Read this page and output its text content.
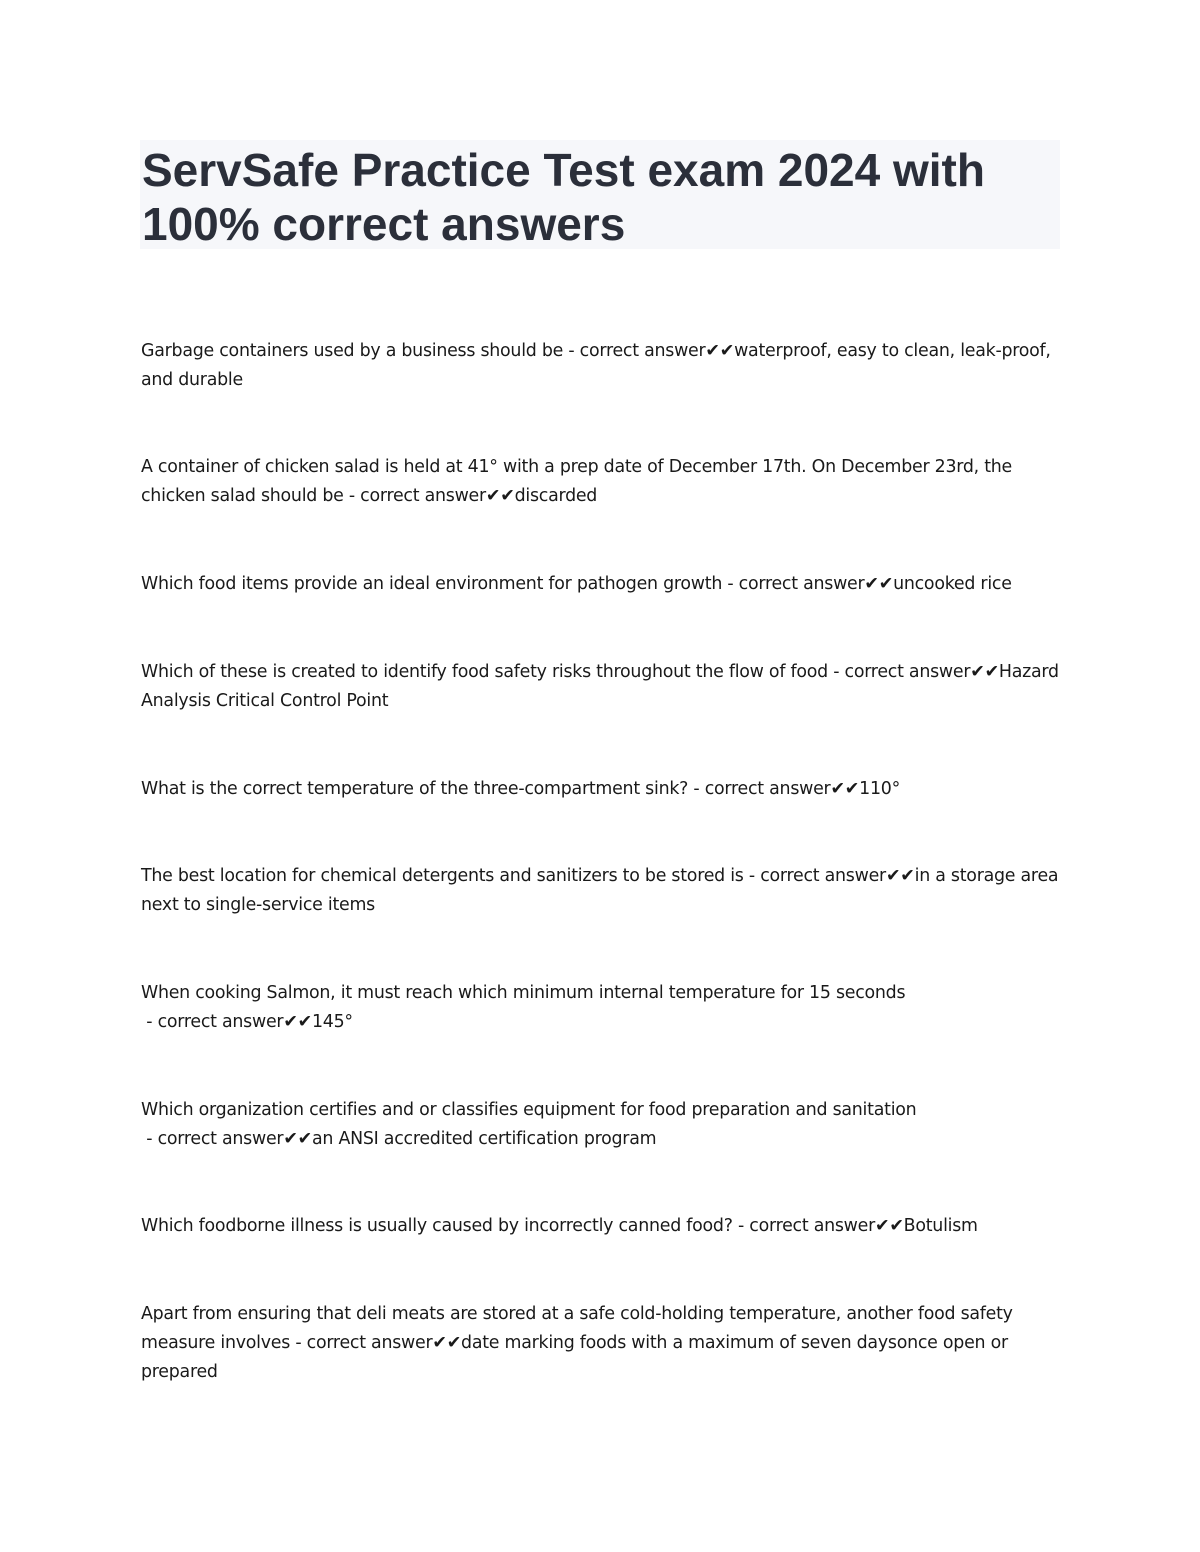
ServSafe Practice Test exam 2024 with 100% correct answers

Garbage containers used by a business should be - correct answer✔✔waterproof, easy to clean, leak-proof, and durable

A container of chicken salad is held at 41° with a prep date of December 17th. On December 23rd, the chicken salad should be - correct answer✔✔discarded

Which food items provide an ideal environment for pathogen growth - correct answer✔✔uncooked rice

Which of these is created to identify food safety risks throughout the flow of food - correct answer✔✔Hazard Analysis Critical Control Point

What is the correct temperature of the three-compartment sink? - correct answer✔✔110°

The best location for chemical detergents and sanitizers to be stored is - correct answer✔✔in a storage area next to single-service items

When cooking Salmon, it must reach which minimum internal temperature for 15 seconds - correct answer✔✔145°

Which organization certifies and or classifies equipment for food preparation and sanitation - correct answer✔✔an ANSI accredited certification program

Which foodborne illness is usually caused by incorrectly canned food? - correct answer✔✔Botulism

Apart from ensuring that deli meats are stored at a safe cold-holding temperature, another food safety measure involves - correct answer✔✔date marking foods with a maximum of seven daysonce open or prepared
